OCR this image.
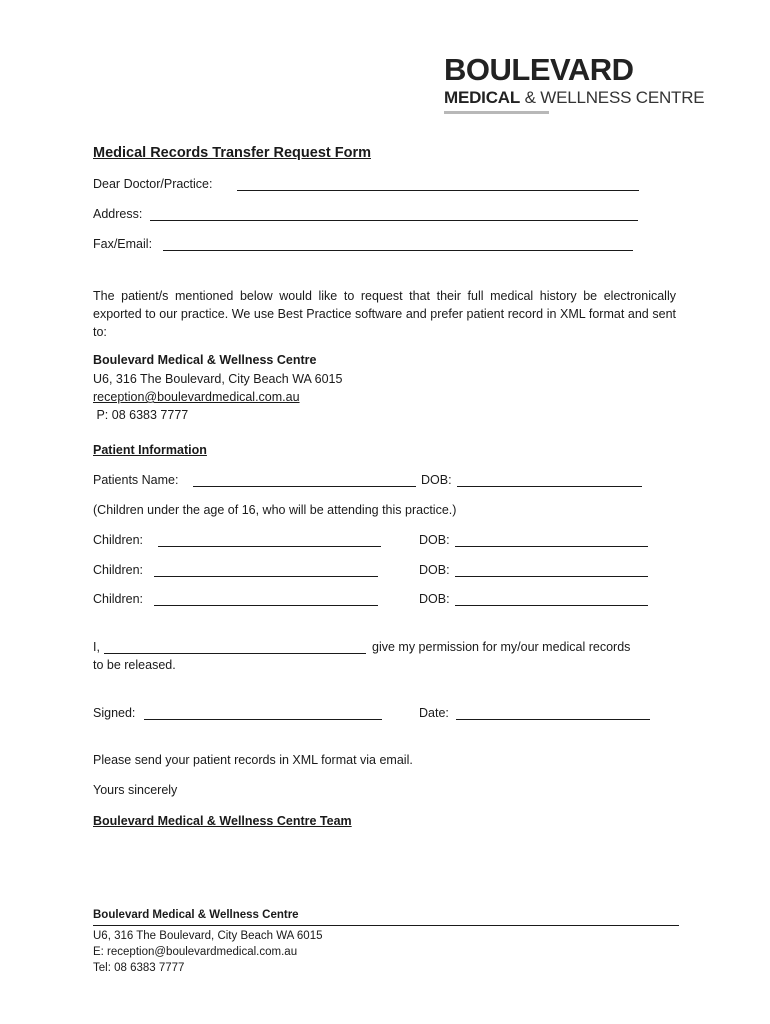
BOULEVARD
MEDICAL & WELLNESS CENTRE
Medical Records Transfer Request Form
Dear Doctor/Practice:
Address:
Fax/Email:
The patient/s mentioned below would like to request that their full medical history be electronically exported to our practice. We use Best Practice software and prefer patient record in XML format and sent to:
Boulevard Medical & Wellness Centre
U6, 316 The Boulevard, City Beach WA 6015
reception@boulevardmedical.com.au
P: 08 6383 7777
Patient Information
Patients Name:	DOB:
(Children under the age of 16, who will be attending this practice.)
Children:	DOB:
Children:	DOB:
Children:	DOB:
I,	give my permission for my/our medical records
to be released.
Signed:	Date:
Please send your patient records in XML format via email.
Yours sincerely
Boulevard Medical & Wellness Centre Team
Boulevard Medical & Wellness Centre
U6, 316 The Boulevard, City Beach WA 6015
E: reception@boulevardmedical.com.au
Tel: 08 6383 7777
